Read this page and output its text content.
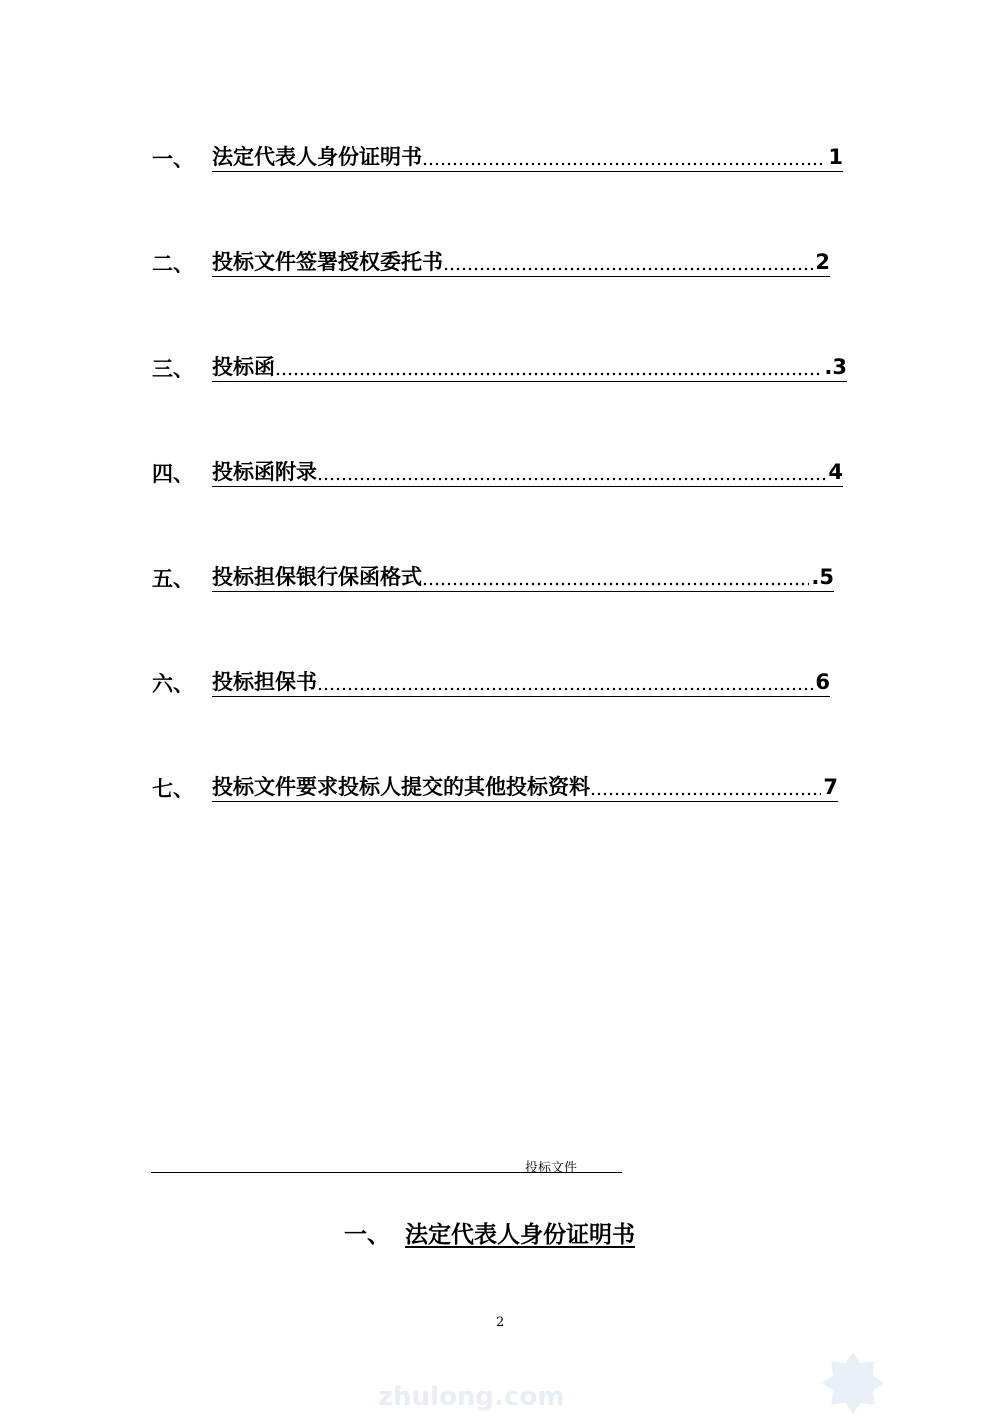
一、 法定代表人身份证明书	1
二、 投标文件签署授权委托书	2
三、 投标函	.3
四、 投标函附录	4
五、 投标担保银行保函格式	.5
六、 投标担保书	6
七、 投标文件要求投标人提交的其他投标资料	7
投标文件
一、 法定代表人身份证明书
2
zhulong.com
